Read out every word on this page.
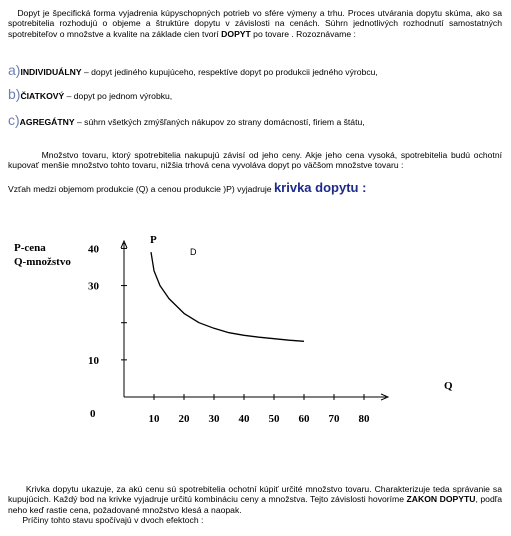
Dopyt je špecifická forma vyjadrenia kúpyschopných potrieb vo sfére výmeny a trhu. Proces utvárania dopytu skúma, ako sa spotrebitelia rozhodujú o objeme a štruktúre dopytu v závislosti na cenách. Súhrn jednotlivých rozhodnutí samostatných spotrebiteľov o množstve a kvalite na základe cien tvorí DOPYT po tovare . Rozoznávame :
a)INDIVIDUÁLNY – dopyt jediného kupujúceho, respektíve dopyt po produkcii jedného výrobcu,
b)ČIATKOVÝ – dopyt po jednom výrobku,
c)AGREGÁTNY – súhrn všetkých zmýšľaných nákupov zo strany domácností, firiem a štátu,
Množstvo tovaru, ktorý spotrebitelia nakupujú závisí od jeho ceny. Akje jeho cena vysoká, spotrebitelia budú ochotní kupovať menšie množstvo tohto tovaru, nižšia trhová cena vyvoláva dopyt po väčšom množstve tovaru :
Vzťah medzi objemom produkcie (Q) a cenou produkcie )P) vyjadruje krivka dopytu :
P-cena
Q-množstvo
P
D
Q
0
10
30
40
10 20 30 40 50 60 70 80
Krivka dopytu ukazuje, za akú cenu sú spotrebitelia ochotní kúpiť určité množstvo tovaru. Charakterizuje teda správanie sa kupujúcich. Každý bod na krivke vyjadruje určitú kombináciu ceny a množstva. Tejto závislosti hovoríme ZAKON DOPYTU, podľa neho keď rastie cena, požadované množstvo klesá a naopak.
Príčiny tohto stavu spočívajú v dvoch efektoch :
